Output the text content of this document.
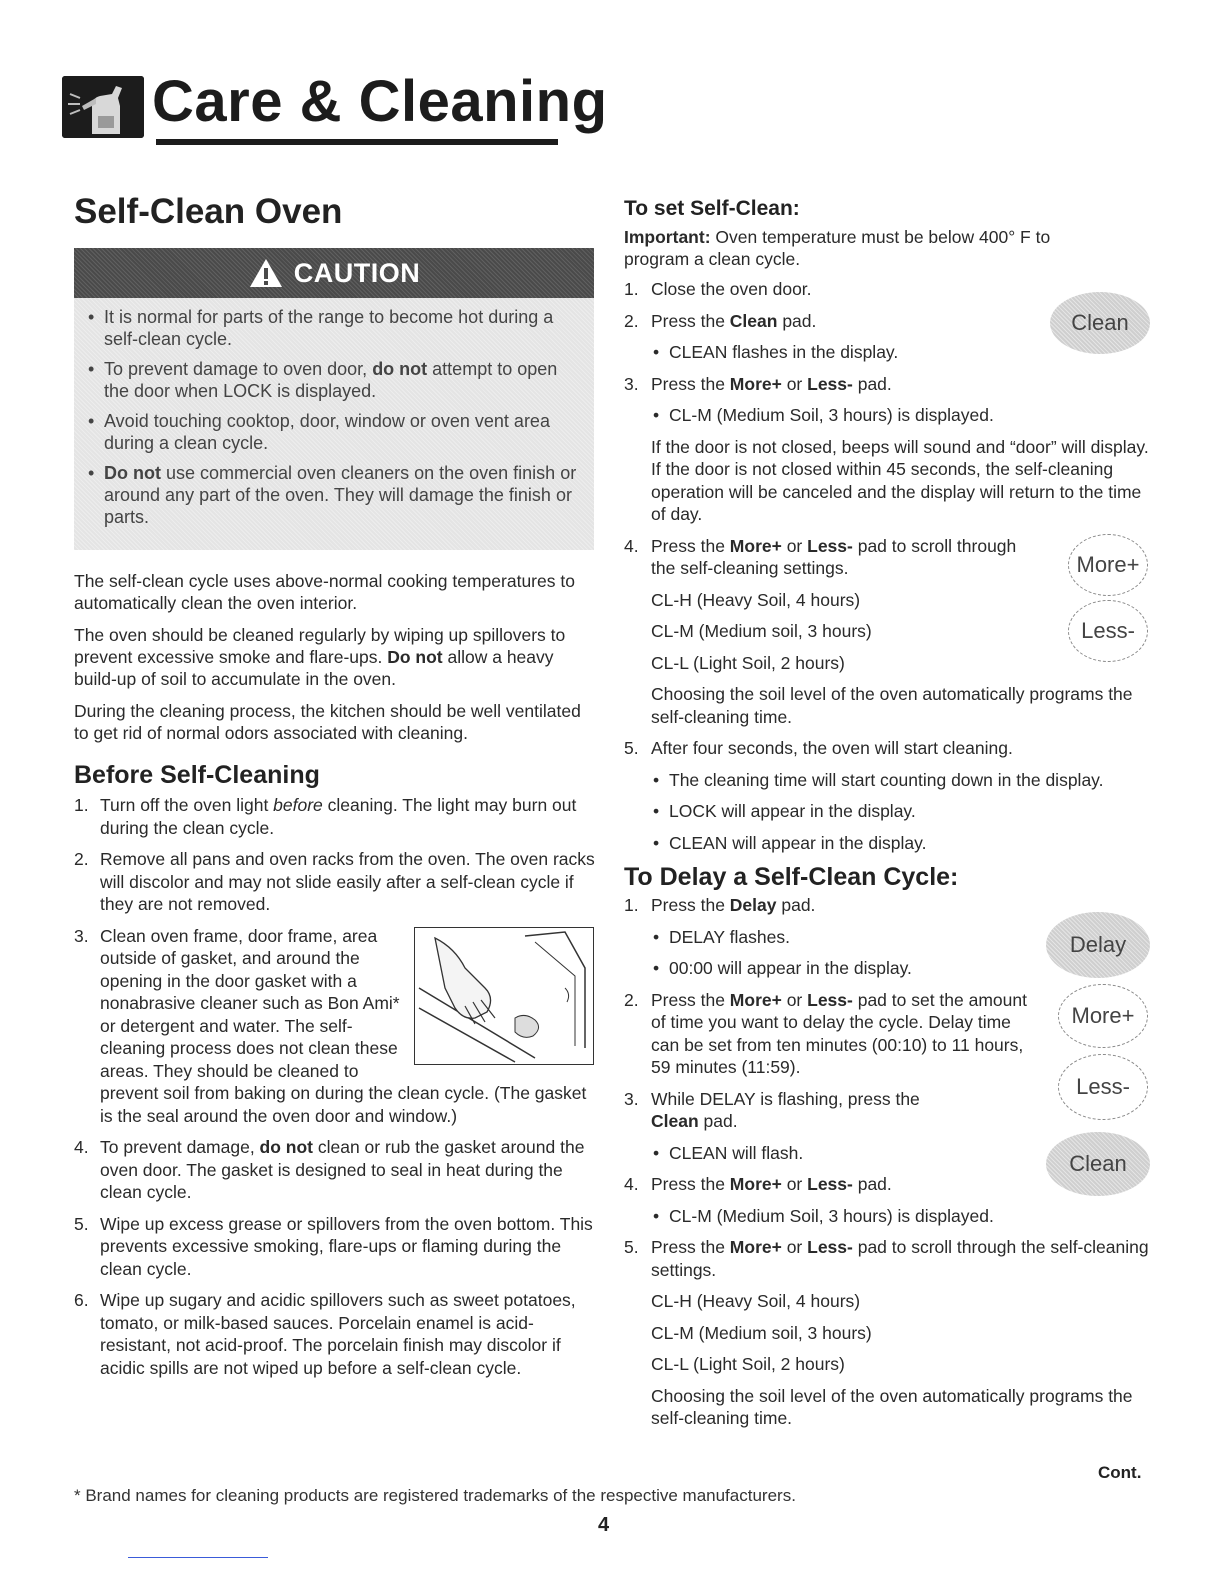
Care & Cleaning
Self-Clean Oven
CAUTION
• It is normal for parts of the range to become hot during a self-clean cycle.
• To prevent damage to oven door, do not attempt to open the door when LOCK is displayed.
• Avoid touching cooktop, door, window or oven vent area during a clean cycle.
• Do not use commercial oven cleaners on the oven finish or around any part of the oven. They will damage the finish or parts.

The self-clean cycle uses above-normal cooking temperatures to automatically clean the oven interior.

The oven should be cleaned regularly by wiping up spillovers to prevent excessive smoke and flare-ups. Do not allow a heavy build-up of soil to accumulate in the oven.

During the cleaning process, the kitchen should be well ventilated to get rid of normal odors associated with cleaning.

Before Self-Cleaning
1. Turn off the oven light before cleaning. The light may burn out during the clean cycle.
2. Remove all pans and oven racks from the oven. The oven racks will discolor and may not slide easily after a self-clean cycle if they are not removed.
3. Clean oven frame, door frame, area outside of gasket, and around the opening in the door gasket with a nonabrasive cleaner such as Bon Ami* or detergent and water. The self-cleaning process does not clean these areas. They should be cleaned to prevent soil from baking on during the clean cycle. (The gasket is the seal around the oven door and window.)
4. To prevent damage, do not clean or rub the gasket around the oven door. The gasket is designed to seal in heat during the clean cycle.
5. Wipe up excess grease or spillovers from the oven bottom. This prevents excessive smoking, flare-ups or flaming during the clean cycle.
6. Wipe up sugary and acidic spillovers such as sweet potatoes, tomato, or milk-based sauces. Porcelain enamel is acid-resistant, not acid-proof. The porcelain finish may discolor if acidic spills are not wiped up before a self-clean cycle.
To set Self-Clean:

Important: Oven temperature must be below 400° F to program a clean cycle.

1. Close the oven door.
2. Press the Clean pad.
• CLEAN flashes in the display.
3. Press the More+ or Less- pad.
• CL-M (Medium Soil, 3 hours) is displayed.
If the door is not closed, beeps will sound and “door” will display. If the door is not closed within 45 seconds, the self-cleaning operation will be canceled and the display will return to the time of day.
4. Press the More+ or Less- pad to scroll through the self-cleaning settings.
CL-H (Heavy Soil, 4 hours)
CL-M (Medium soil, 3 hours)
CL-L (Light Soil, 2 hours)
Choosing the soil level of the oven automatically programs the self-cleaning time.
5. After four seconds, the oven will start cleaning.
• The cleaning time will start counting down in the display.
• LOCK will appear in the display.
• CLEAN will appear in the display.
To Delay a Self-Clean Cycle:
1. Press the Delay pad.
• DELAY flashes.
• 00:00 will appear in the display.
2. Press the More+ or Less- pad to set the amount of time you want to delay the cycle. Delay time can be set from ten minutes (00:10) to 11 hours, 59 minutes (11:59).
3. While DELAY is flashing, press the Clean pad.
• CLEAN will flash.
4. Press the More+ or Less- pad.
• CL-M (Medium Soil, 3 hours) is displayed.
5. Press the More+ or Less- pad to scroll through the self-cleaning settings.
CL-H (Heavy Soil, 4 hours)
CL-M (Medium soil, 3 hours)
CL-L (Light Soil, 2 hours)
Choosing the soil level of the oven automatically programs the self-cleaning time.
Clean
More+
Less-
Delay
More+
Less-
Clean
Cont.
* Brand names for cleaning products are registered trademarks of the respective manufacturers.
4
